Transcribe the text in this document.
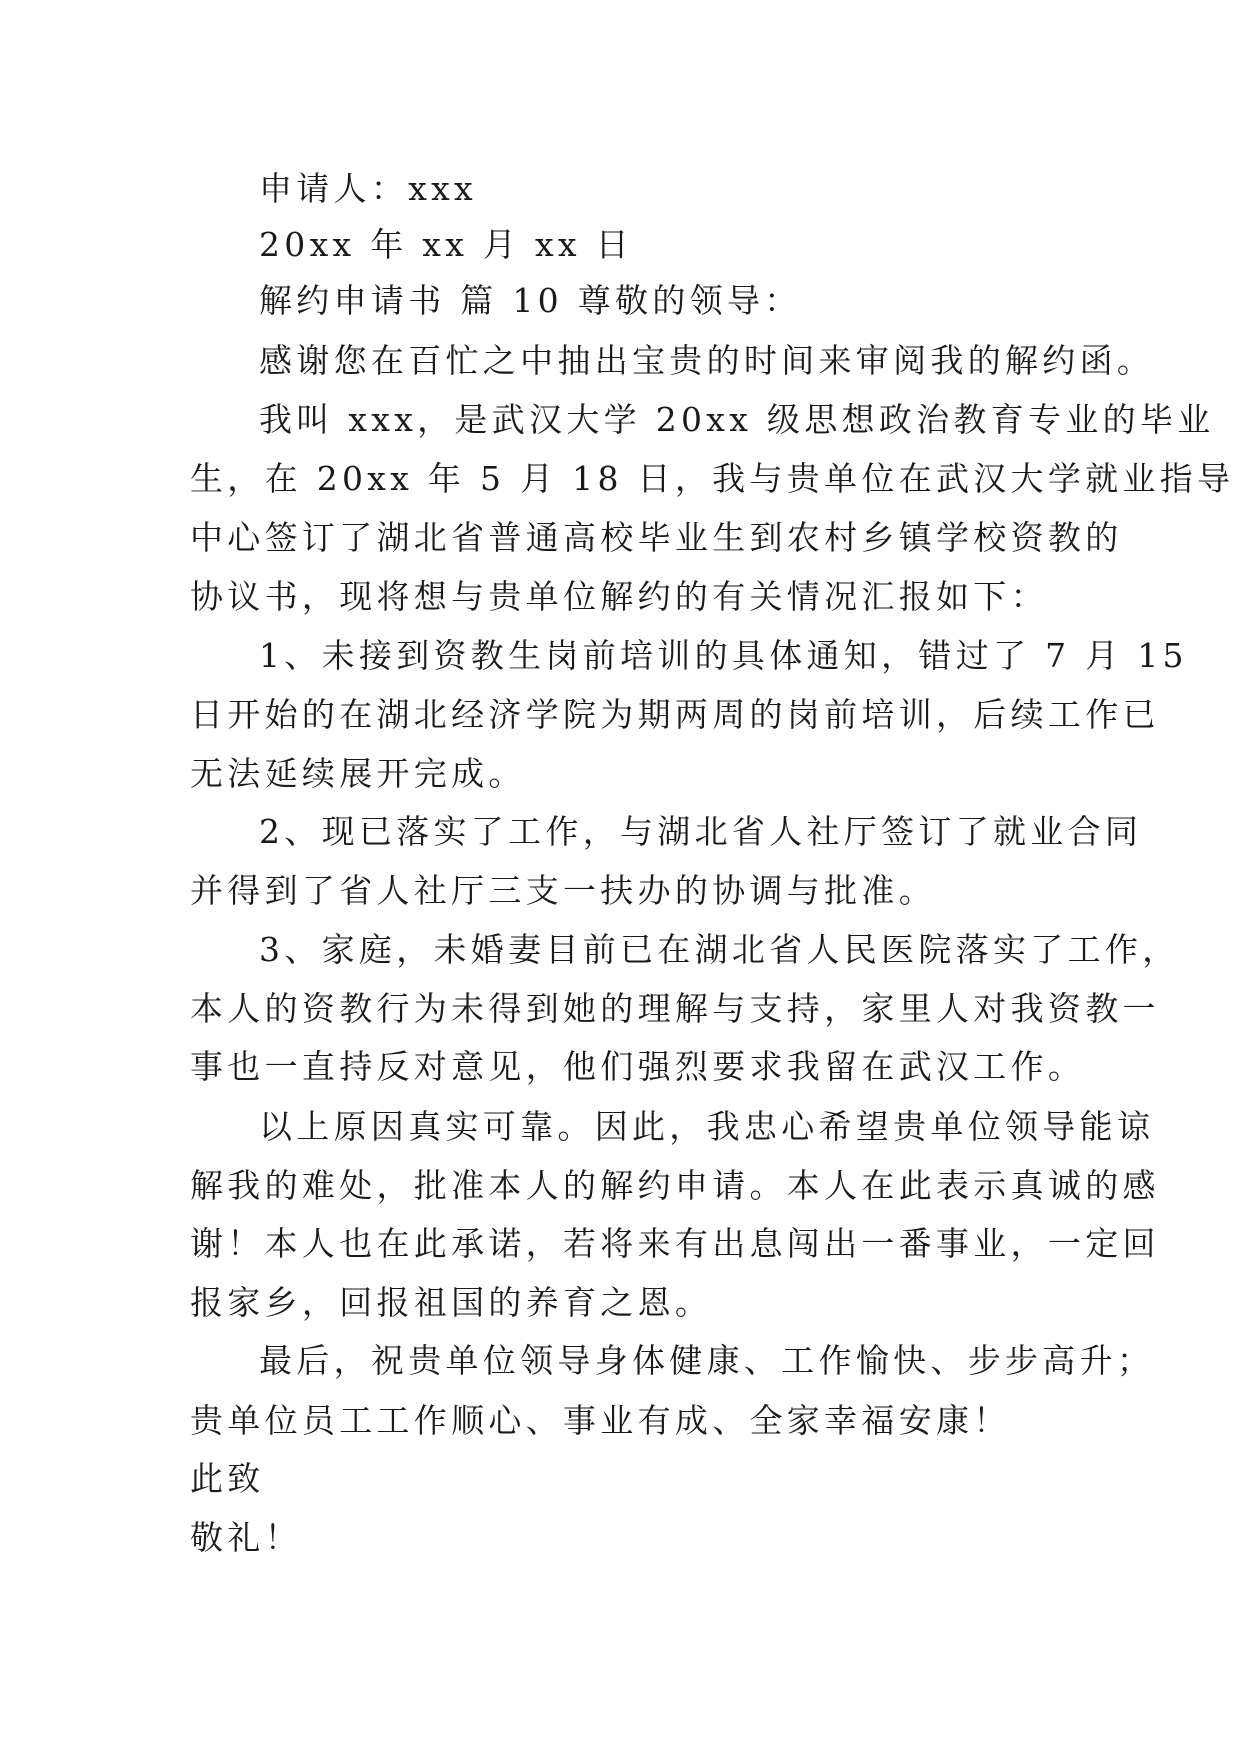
申请人：xxx
20xx 年 xx 月 xx 日
解约申请书 篇 10 尊敬的领导：
感谢您在百忙之中抽出宝贵的时间来审阅我的解约函。
我叫 xxx，是武汉大学 20xx 级思想政治教育专业的毕业
生，在 20xx 年 5 月 18 日，我与贵单位在武汉大学就业指导
中心签订了湖北省普通高校毕业生到农村乡镇学校资教的
协议书，现将想与贵单位解约的有关情况汇报如下：
1、未接到资教生岗前培训的具体通知，错过了 7 月 15
日开始的在湖北经济学院为期两周的岗前培训，后续工作已
无法延续展开完成。
2、现已落实了工作，与湖北省人社厅签订了就业合同
并得到了省人社厅三支一扶办的协调与批准。
3、家庭，未婚妻目前已在湖北省人民医院落实了工作，
本人的资教行为未得到她的理解与支持，家里人对我资教一
事也一直持反对意见，他们强烈要求我留在武汉工作。
以上原因真实可靠。因此，我忠心希望贵单位领导能谅
解我的难处，批准本人的解约申请。本人在此表示真诚的感
谢！本人也在此承诺，若将来有出息闯出一番事业，一定回
报家乡，回报祖国的养育之恩。
最后，祝贵单位领导身体健康、工作愉快、步步高升；
贵单位员工工作顺心、事业有成、全家幸福安康！
此致
敬礼！
